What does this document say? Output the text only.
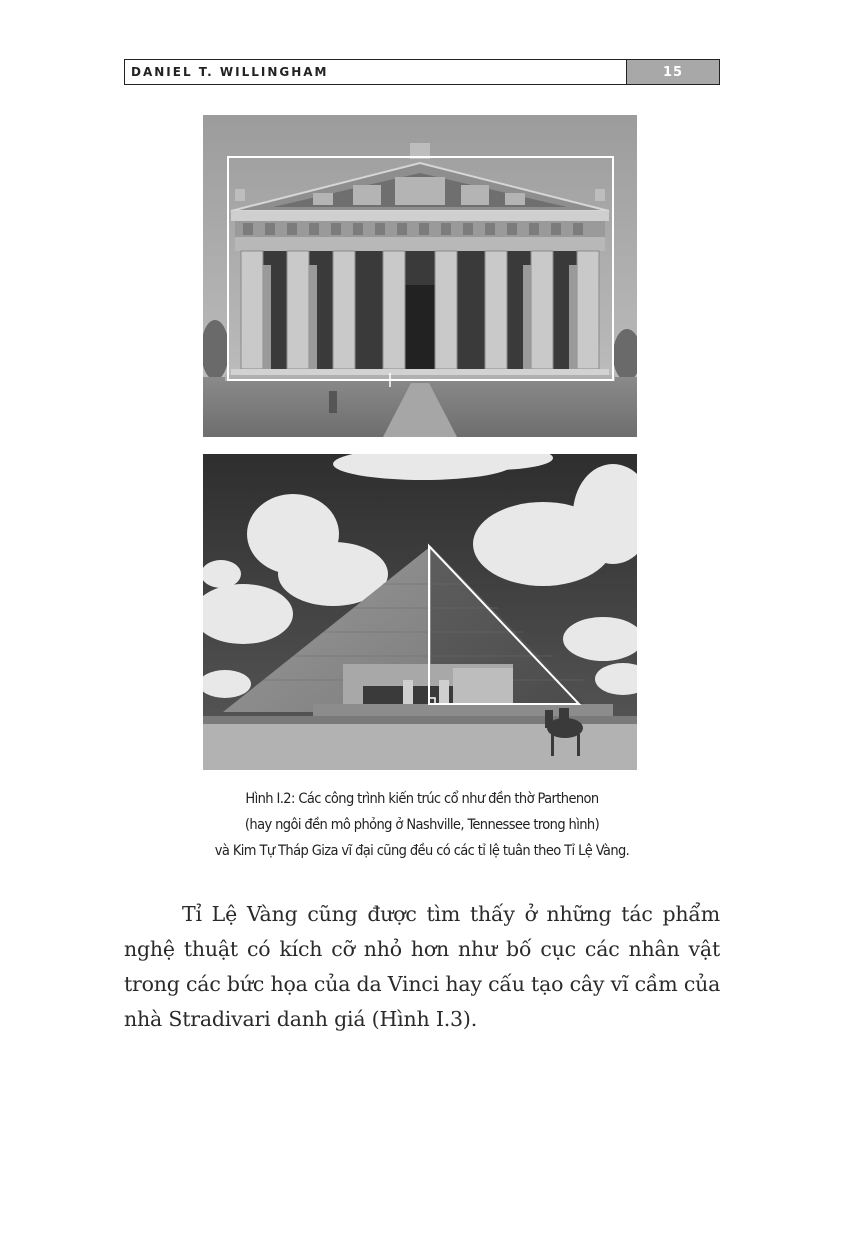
DANIEL T. WILLINGHAM	15
Hình I.2: Các công trình kiến trúc cổ như đền thờ Parthenon
(hay ngôi đền mô phỏng ở Nashville, Tennessee trong hình)
và Kim Tự Tháp Giza vĩ đại cũng đều có các tỉ lệ tuân theo Tỉ Lệ Vàng.
Tỉ Lệ Vàng cũng được tìm thấy ở những tác phẩm
nghệ thuật có kích cỡ nhỏ hơn như bố cục các nhân vật
trong các bức họa của da Vinci hay cấu tạo cây vĩ cầm của
nhà Stradivari danh giá (Hình I.3).
